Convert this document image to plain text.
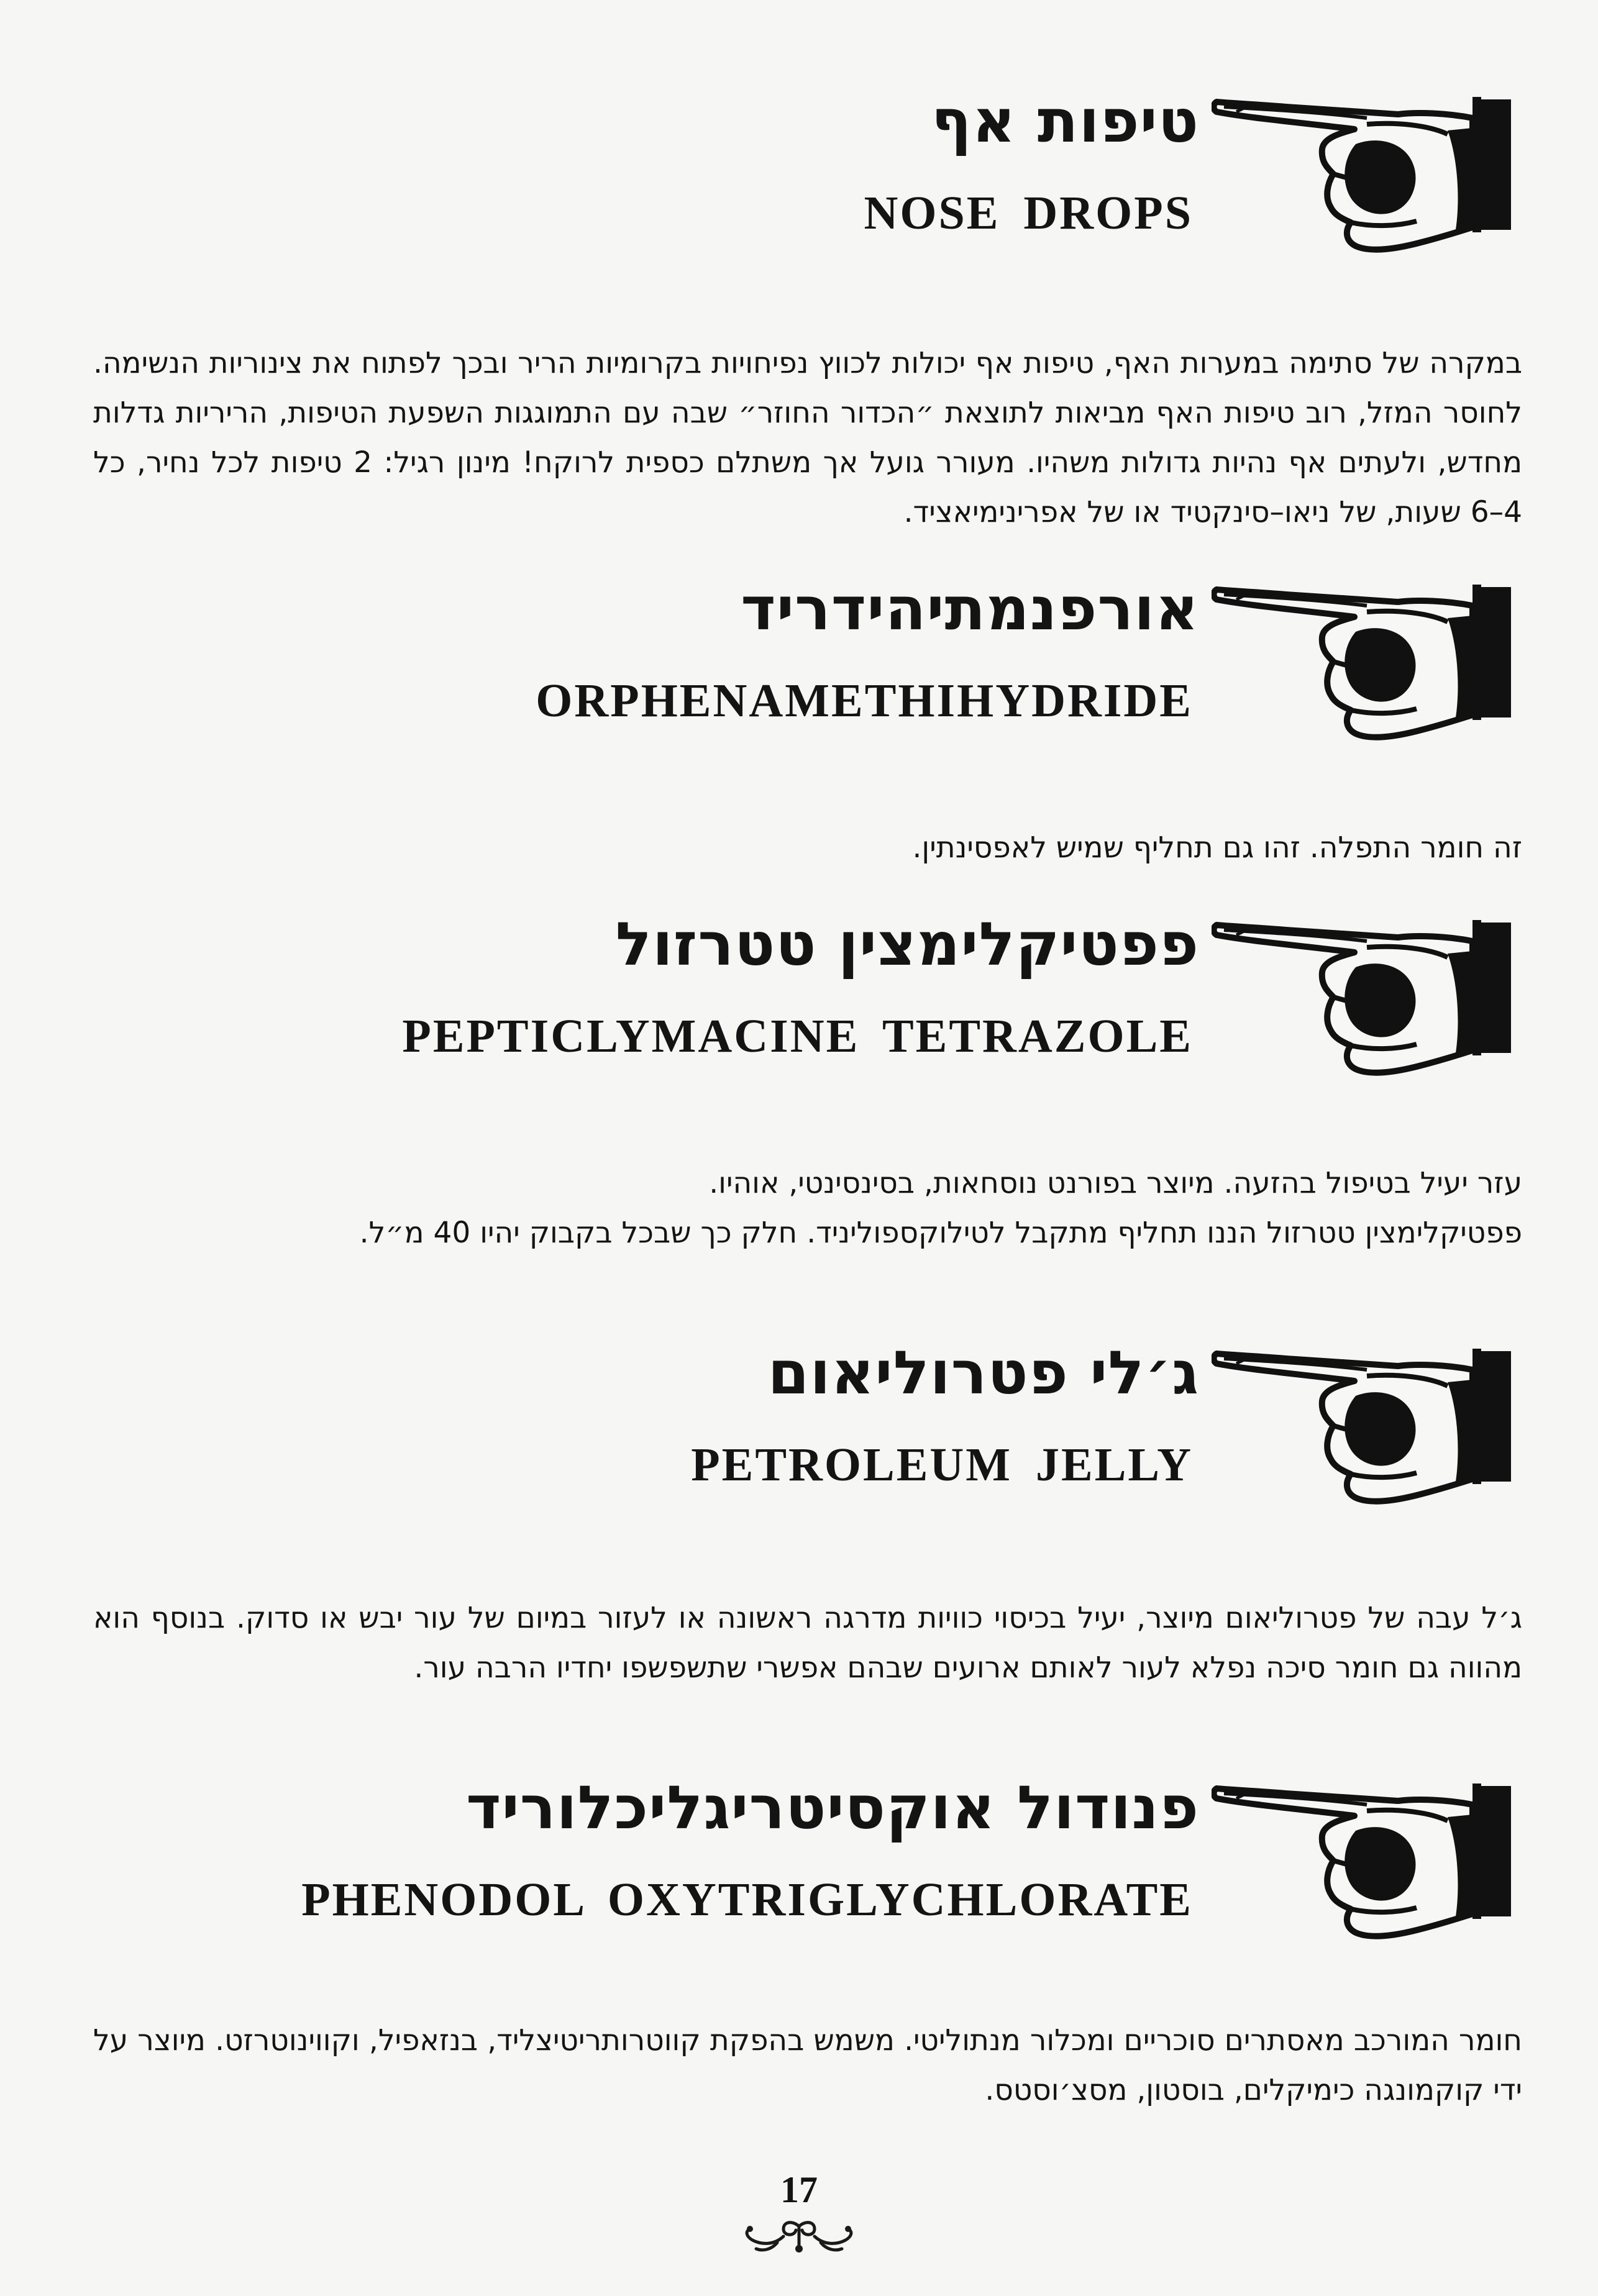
טיפות אף
NOSE DROPS

במקרה של סתימה במערות האף, טיפות אף יכולות לכווץ נפיחויות בקרומיות הריר ובכך לפתוח את צינוריות הנשימה. לחוסר המזל, רוב טיפות האף מביאות לתוצאת ״הכדור החוזר״ שבה עם התמוגגות השפעת הטיפות, הריריות גדלות מחדש, ולעתים אף נהיות גדולות משהיו. מעורר גועל אך משתלם כספית לרוקח! מינון רגיל: 2 טיפות לכל נחיר, כל 4–6 שעות, של ניאו–סינקטיד או של אפרינימיאציד.

אורפנמתיהידריד
ORPHENAMETHIHYDRIDE

זה חומר התפלה. זהו גם תחליף שמיש לאפסינתין.

פפטיקלימצין טטרזול
PEPTICLYMACINE TETRAZOLE

עזר יעיל בטיפול בהזעה. מיוצר בפורנט נוסחאות, בסינסינטי, אוהיו.

פפטיקלימצין טטרזול הננו תחליף מתקבל לטילוקספוליניד. חלק כך שבכל בקבוק יהיו 40 מ״ל.

ג׳לי פטרוליאום
PETROLEUM JELLY

ג׳ל עבה של פטרוליאום מיוצר, יעיל בכיסוי כוויות מדרגה ראשונה או לעזור במיום של עור יבש או סדוק. בנוסף הוא מהווה גם חומר סיכה נפלא לעור לאותם ארועים שבהם אפשרי שתשפשפו יחדיו הרבה עור.

פנודול אוקסיטריגליכלוריד
PHENODOL OXYTRIGLYCHLORATE

חומר המורכב מאסתרים סוכריים ומכלור מנתוליטי. משמש בהפקת קווטרותריטיצליד, בנזאפיל, וקווינוטרזט. מיוצר על ידי קוקמונגה כימיקלים, בוסטון, מסצ׳וסטס.

17
